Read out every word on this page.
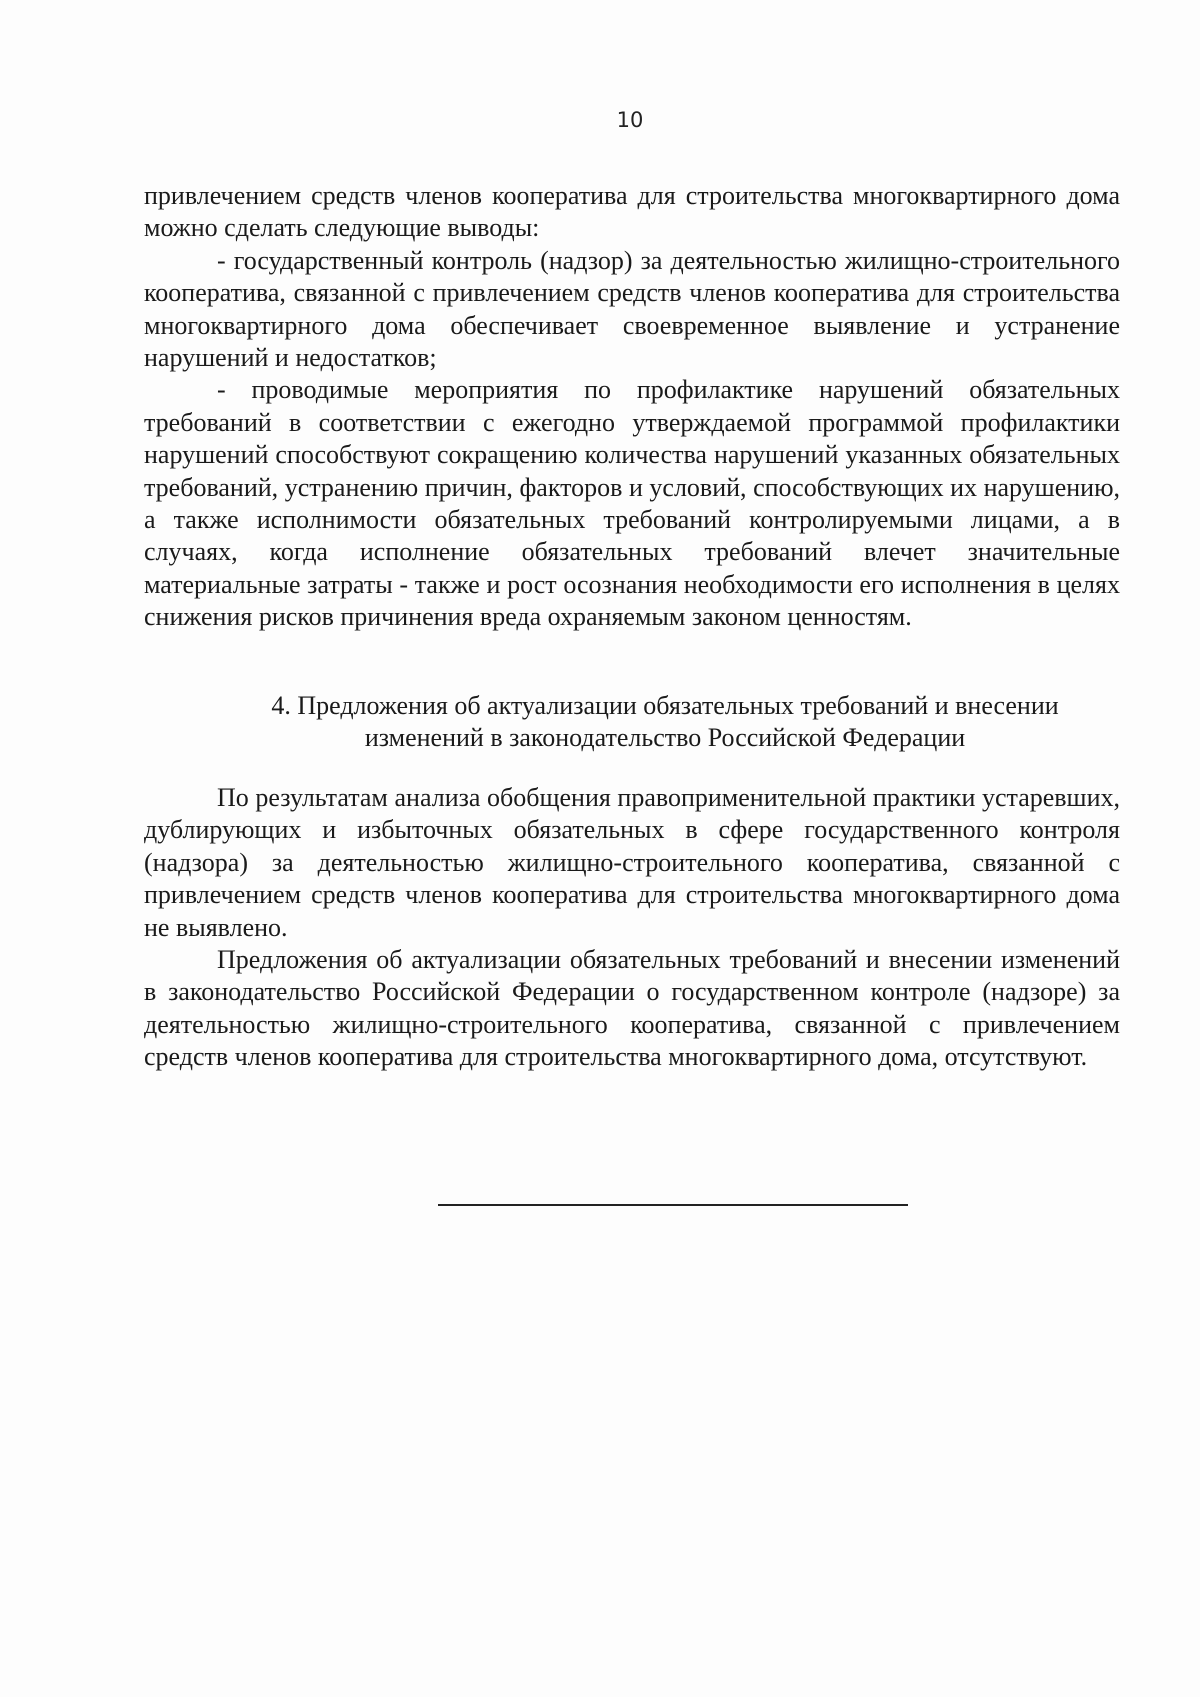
10

привлечением средств членов кооператива для строительства многоквартирного дома можно сделать следующие выводы:

- государственный контроль (надзор) за деятельностью жилищно-строительного кооператива, связанной с привлечением средств членов кооператива для строительства многоквартирного дома обеспечивает своевременное выявление и устранение нарушений и недостатков;

- проводимые мероприятия по профилактике нарушений обязательных требований в соответствии с ежегодно утверждаемой программой профилактики нарушений способствуют сокращению количества нарушений указанных обязательных требований, устранению причин, факторов и условий, способствующих их нарушению, а также исполнимости обязательных требований контролируемыми лицами, а в случаях, когда исполнение обязательных требований влечет значительные материальные затраты - также и рост осознания необходимости его исполнения в целях снижения рисков причинения вреда охраняемым законом ценностям.

4. Предложения об актуализации обязательных требований и внесении
изменений в законодательство Российской Федерации

По результатам анализа обобщения правоприменительной практики устаревших, дублирующих и избыточных обязательных в сфере государственного контроля (надзора) за деятельностью жилищно-строительного кооператива, связанной с привлечением средств членов кооператива для строительства многоквартирного дома не выявлено.

Предложения об актуализации обязательных требований и внесении изменений в законодательство Российской Федерации о государственном контроле (надзоре) за деятельностью жилищно-строительного кооператива, связанной с привлечением средств членов кооператива для строительства многоквартирного дома, отсутствуют.
